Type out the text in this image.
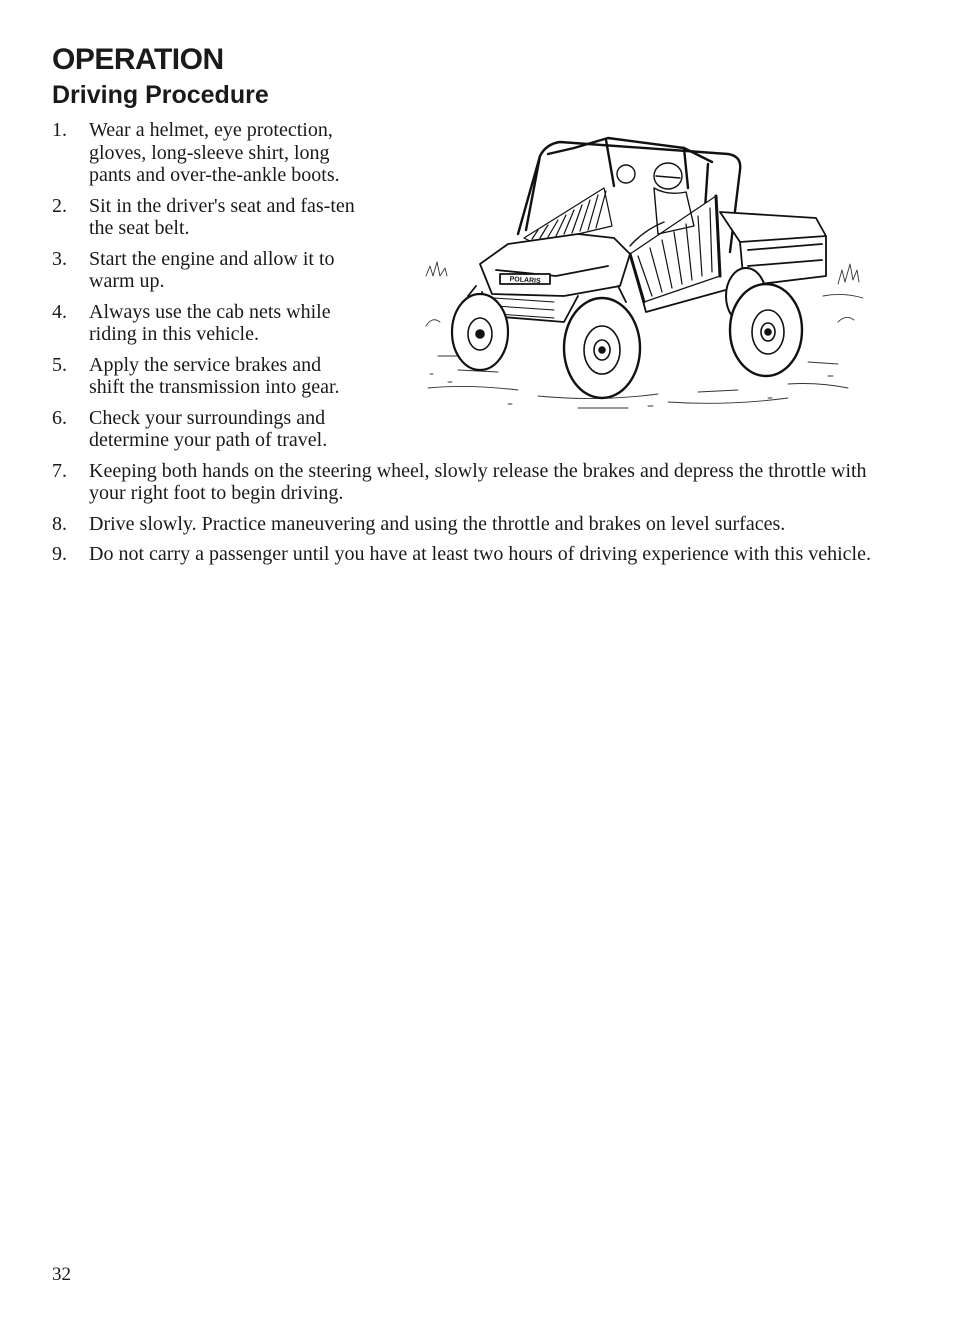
OPERATION
Driving Procedure
1. Wear a helmet, eye protection, gloves, long-sleeve shirt, long pants and over-the-ankle boots.
2. Sit in the driver's seat and fas-ten the seat belt.
3. Start the engine and allow it to warm up.
4. Always use the cab nets while riding in this vehicle.
5. Apply the service brakes and shift the transmission into gear.
6. Check your surroundings and determine your path of travel.
7. Keeping both hands on the steering wheel, slowly release the brakes and depress the throttle with your right foot to begin driving.
8. Drive slowly. Practice maneuvering and using the throttle and brakes on level surfaces.
9. Do not carry a passenger until you have at least two hours of driving experience with this vehicle.
POLARIS
32
